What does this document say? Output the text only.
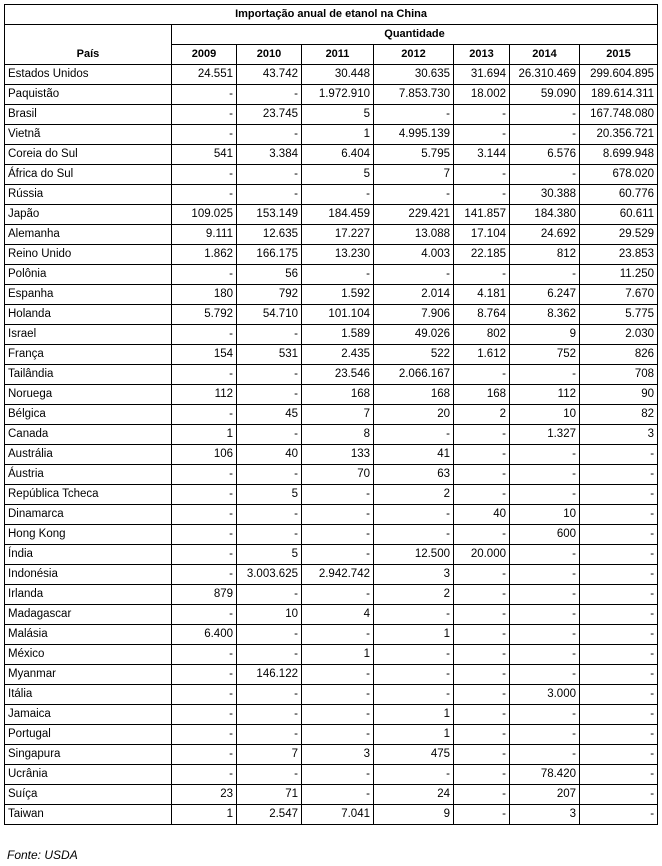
Importação anual de etanol na China							
País	Quantidade						
	2009	2010	2011	2012	2013	2014	2015
Estados Unidos	24.551	43.742	30.448	30.635	31.694	26.310.469	299.604.895
Paquistão	-	-	1.972.910	7.853.730	18.002	59.090	189.614.311
Brasil	-	23.745	5	-	-	-	167.748.080
Vietnã	-	-	1	4.995.139	-	-	20.356.721
Coreia do Sul	541	3.384	6.404	5.795	3.144	6.576	8.699.948
África do Sul	-	-	5	7	-	-	678.020
Rússia	-	-	-	-	-	30.388	60.776
Japão	109.025	153.149	184.459	229.421	141.857	184.380	60.611
Alemanha	9.111	12.635	17.227	13.088	17.104	24.692	29.529
Reino Unido	1.862	166.175	13.230	4.003	22.185	812	23.853
Polônia	-	56	-	-	-	-	11.250
Espanha	180	792	1.592	2.014	4.181	6.247	7.670
Holanda	5.792	54.710	101.104	7.906	8.764	8.362	5.775
Israel	-	-	1.589	49.026	802	9	2.030
França	154	531	2.435	522	1.612	752	826
Tailândia	-	-	23.546	2.066.167	-	-	708
Noruega	112	-	168	168	168	112	90
Bélgica	-	45	7	20	2	10	82
Canada	1	-	8	-	-	1.327	3
Austrália	106	40	133	41	-	-	-
Áustria	-	-	70	63	-	-	-
República Tcheca	-	5	-	2	-	-	-
Dinamarca	-	-	-	-	40	10	-
Hong Kong	-	-	-	-	-	600	-
Índia	-	5	-	12.500	20.000	-	-
Indonésia	-	3.003.625	2.942.742	3	-	-	-
Irlanda	879	-	-	2	-	-	-
Madagascar	-	10	4	-	-	-	-
Malásia	6.400	-	-	1	-	-	-
México	-	-	1	-	-	-	-
Myanmar	-	146.122	-	-	-	-	-
Itália	-	-	-	-	-	3.000	-
Jamaica	-	-	-	1	-	-	-
Portugal	-	-	-	1	-	-	-
Singapura	-	7	3	475	-	-	-
Ucrânia	-	-	-	-	-	78.420	-
Suíça	23	71	-	24	-	207	-
Taiwan	1	2.547	7.041	9	-	3	-
Fonte: USDA
